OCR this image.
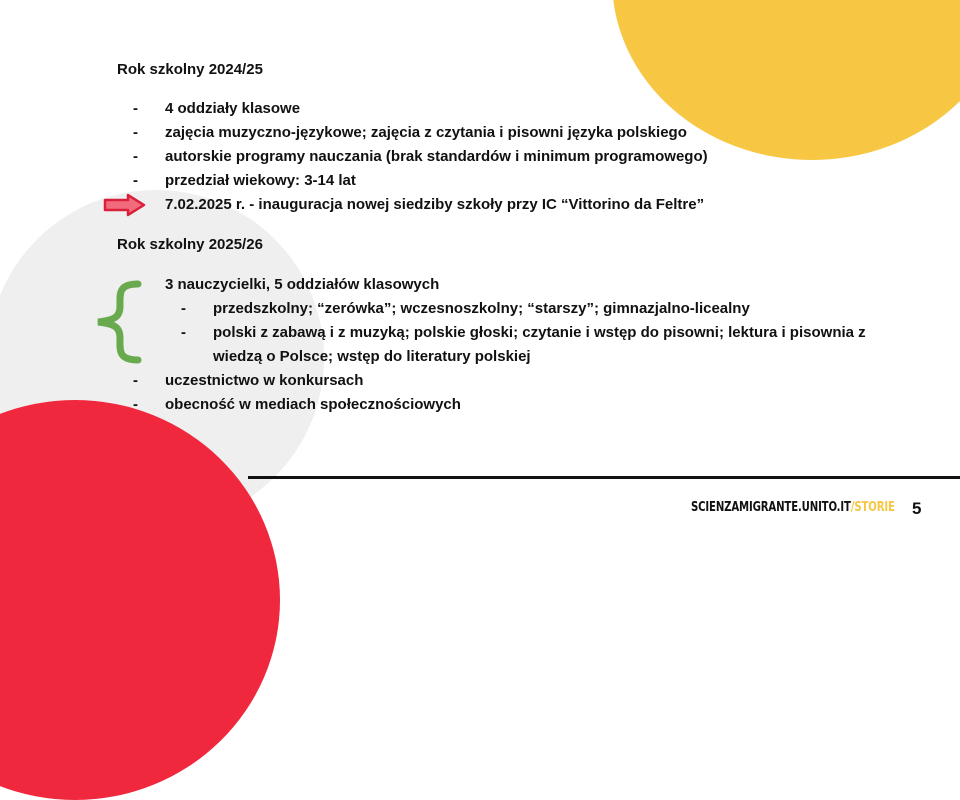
Rok szkolny 2024/25
- 4 oddziały klasowe
- zajęcia muzyczno-językowe; zajęcia z czytania i pisowni języka polskiego
- autorskie programy nauczania (brak standardów i minimum programowego)
- przedział wiekowy: 3-14 lat
7.02.2025 r. - inauguracja nowej siedziby szkoły przy IC “Vittorino da Feltre”
Rok szkolny 2025/26
3 nauczycielki, 5 oddziałów klasowych
- przedszkolny; “zerówka”; wczesnoszkolny; “starszy”; gimnazjalno-licealny
- polski z zabawą i z muzyką; polskie głoski; czytanie i wstęp do pisowni; lektura i pisownia z
wiedzą o Polsce; wstęp do literatury polskiej
- uczestnictwo w konkursach
- obecność w mediach społecznościowych
SCIENZAMIGRANTE.UNITO.IT/STORIE 5
